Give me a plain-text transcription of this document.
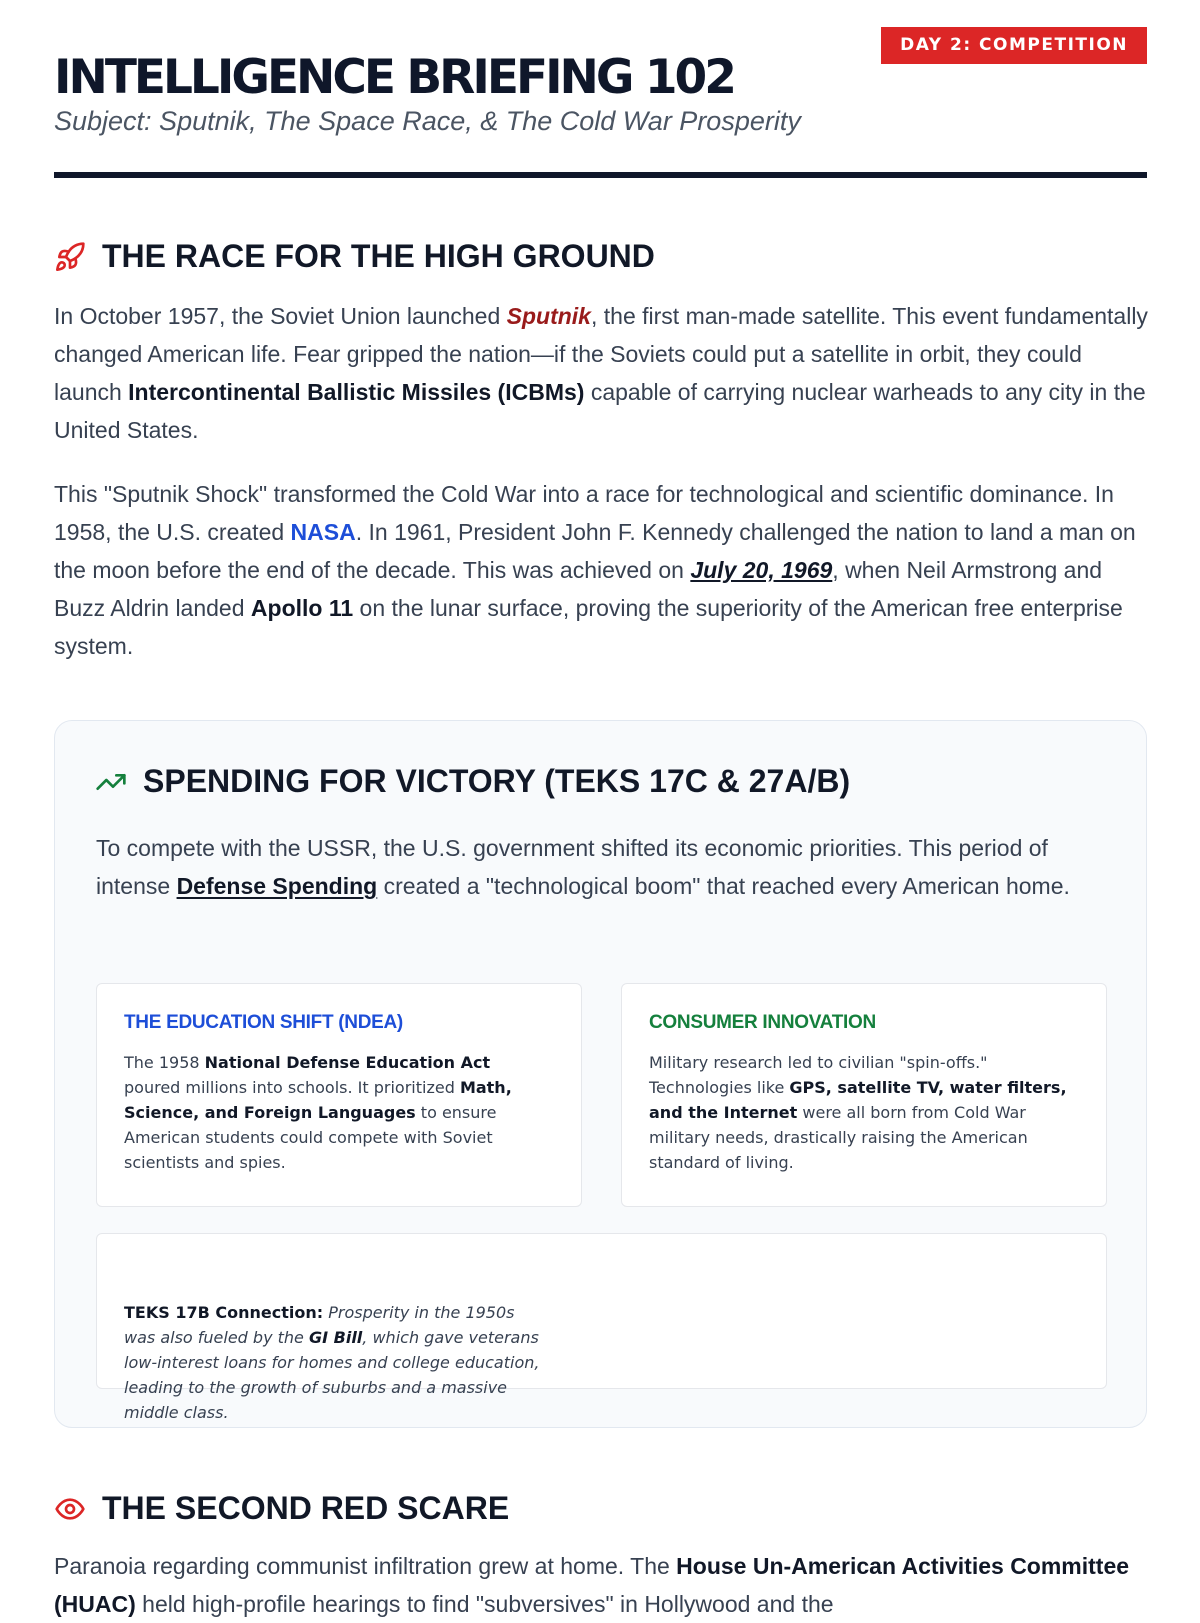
DAY 2: COMPETITION
INTELLIGENCE BRIEFING 102

Subject: Sputnik, The Space Race, & The Cold War Prosperity

THE RACE FOR THE HIGH GROUND

In October 1957, the Soviet Union launched Sputnik, the first man-made satellite. This event fundamentally changed American life. Fear gripped the nation—if the Soviets could put a satellite in orbit, they could launch Intercontinental Ballistic Missiles (ICBMs) capable of carrying nuclear warheads to any city in the United States.

This "Sputnik Shock" transformed the Cold War into a race for technological and scientific dominance. In 1958, the U.S. created NASA. In 1961, President John F. Kennedy challenged the nation to land a man on the moon before the end of the decade. This was achieved on July 20, 1969, when Neil Armstrong and Buzz Aldrin landed Apollo 11 on the lunar surface, proving the superiority of the American free enterprise system.

SPENDING FOR VICTORY (TEKS 17C & 27A/B)

To compete with the USSR, the U.S. government shifted its economic priorities. This period of intense Defense Spending created a "technological boom" that reached every American home.

THE EDUCATION SHIFT (NDEA)

The 1958 National Defense Education Act poured millions into schools. It prioritized Math, Science, and Foreign Languages to ensure American students could compete with Soviet scientists and spies.

CONSUMER INNOVATION

Military research led to civilian "spin-offs." Technologies like GPS, satellite TV, water filters, and the Internet were all born from Cold War military needs, drastically raising the American standard of living.

TEKS 17B Connection: Prosperity in the 1950s was also fueled by the GI Bill, which gave veterans low-interest loans for homes and college education, leading to the growth of suburbs and a massive middle class.

THE SECOND RED SCARE

Paranoia regarding communist infiltration grew at home. The House Un-American Activities Committee (HUAC) held high-profile hearings to find "subversives" in Hollywood and the
